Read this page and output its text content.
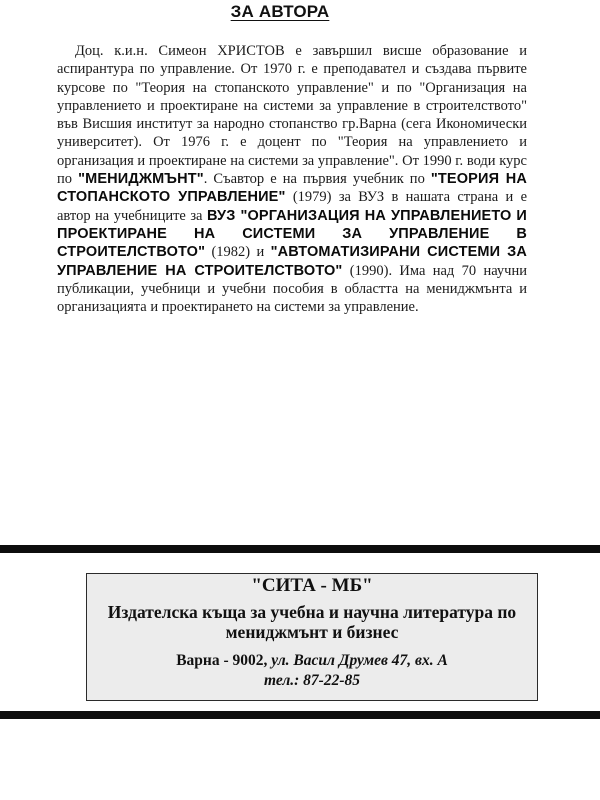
ЗА АВТОРА

Доц. к.и.н. Симеон ХРИСТОВ е завършил висше образование и аспирантура по управление. От 1970 г. е преподавател и създава първите курсове по "Теория на стопанското управление" и по "Организация на управлението и проектиране на системи за управление в строителството" във Висшия институт за народно стопанство гр.Варна (сега Икономически университет). От 1976 г. е доцент по "Теория на управлението и организация и проектиране на системи за управление". От 1990 г. води курс по "МЕНИДЖМЪНТ". Съавтор е на първия учебник по "ТЕОРИЯ НА СТОПАНСКОТО УПРАВЛЕНИЕ" (1979) за ВУЗ в нашата страна и е автор на учебниците за ВУЗ "ОРГАНИЗАЦИЯ НА УПРАВЛЕНИЕТО И ПРОЕКТИРАНЕ НА СИСТЕМИ ЗА УПРАВЛЕНИЕ В СТРОИТЕЛСТВОТО" (1982) и "АВТОМАТИЗИРАНИ СИСТЕМИ ЗА УПРАВЛЕНИЕ НА СТРОИТЕЛСТВОТО" (1990). Има над 70 научни публикации, учебници и учебни пособия в областта на мениджмънта и организацията и проектирането на системи за управление.

"СИТА - МБ"
Издателска къща за учебна и научна литература по мениджмънт и бизнес
Варна - 9002, ул. Васил Друмев 47, вх. А
тел.: 87-22-85
